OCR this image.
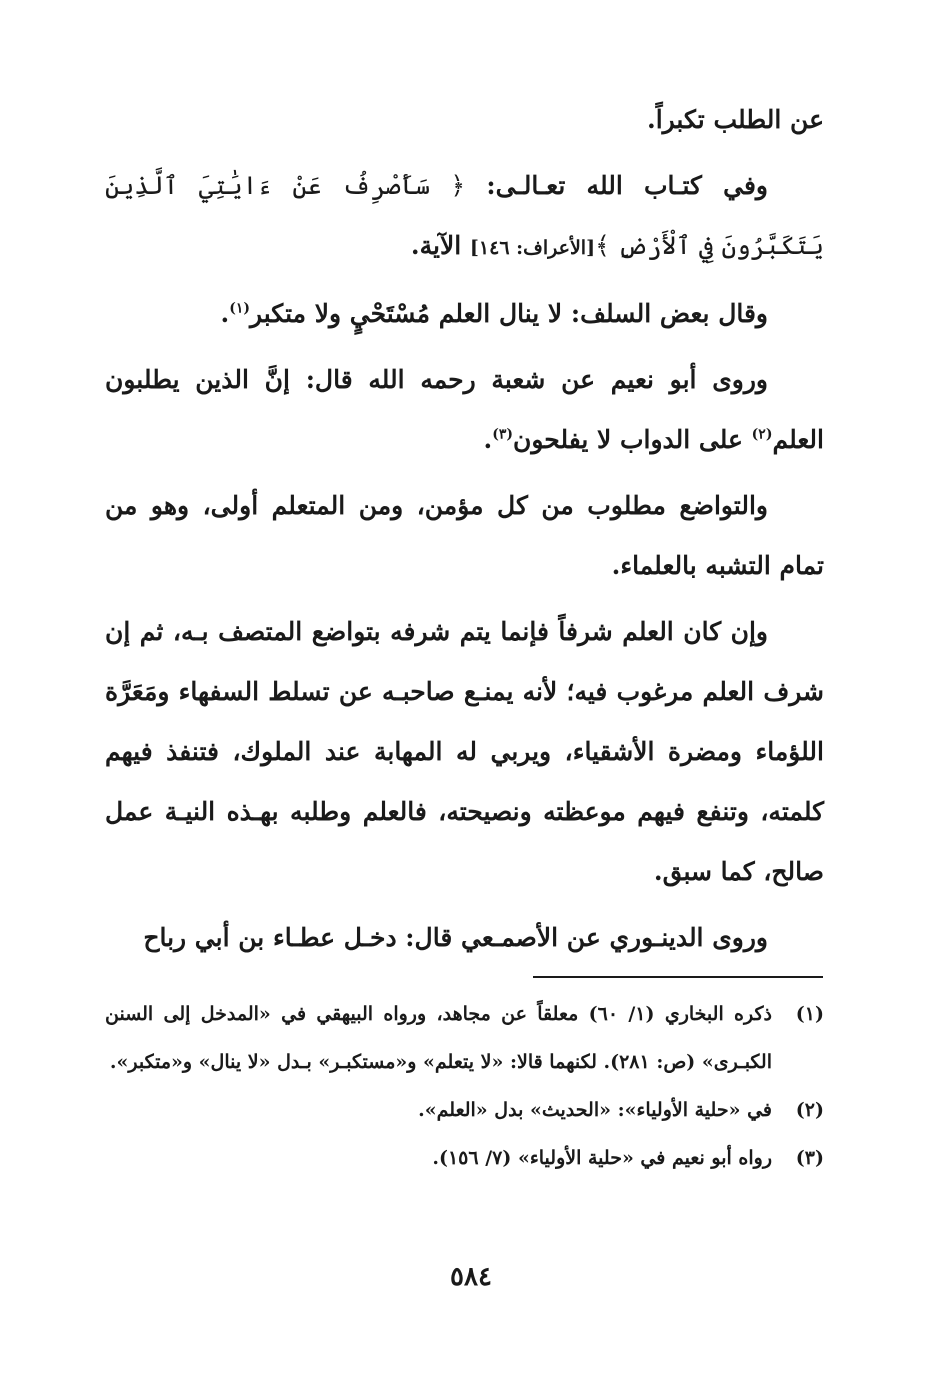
عن الطلب تكبراً.

وفي كتـاب الله تعـالـى: ﴿ سَأَصْرِفُ عَنْ ءَايَٰتِيَ ٱلَّذِينَ يَتَكَبَّرُونَ فِي ٱلْأَرْضِ ﴾[الأعراف: ١٤٦] الآية.

وقال بعض السلف: لا ينال العلم مُسْتَحْيٍ ولا متكبر$^{(١)}$.

وروى أبو نعيم عن شعبة رحمه الله قال: إنَّ الذين يطلبون العلم$^{(٢)}$ على الدواب لا يفلحون$^{(٣)}$.

والتواضع مطلوب من كل مؤمن، ومن المتعلم أولى، وهو من تمام التشبه بالعلماء.

وإن كان العلم شرفاً فإنما يتم شرفه بتواضع المتصف بـه، ثم إن شرف العلم مرغوب فيه؛ لأنه يمنـع صاحبـه عن تسلط السفهاء ومَعَرَّة اللؤماء ومضرة الأشقياء، ويربي له المهابة عند الملوك، فتنفذ فيهم كلمته، وتنفع فيهم موعظته ونصيحته، فالعلم وطلبه بهـذه النيـة عمل صالح، كما سبق.

وروى الدينـوري عن الأصمـعي قال: دخـل عطـاء بن أبي رباح

(١)
ذكره البخاري (١/ ٦٠) معلقاً عن مجاهد، ورواه البيهقي في «المدخل إلى السنن الكبـرى» (ص: ٢٨١). لكنهما قالا: «لا يتعلم» و«مستكبـر» بـدل «لا ينال» و«متكبر».
(٢)
في «حلية الأولياء»: «الحديث» بدل «العلم».
(٣)
رواه أبو نعيم في «حلية الأولياء» (٧/ ١٥٦).
٥٨٤
